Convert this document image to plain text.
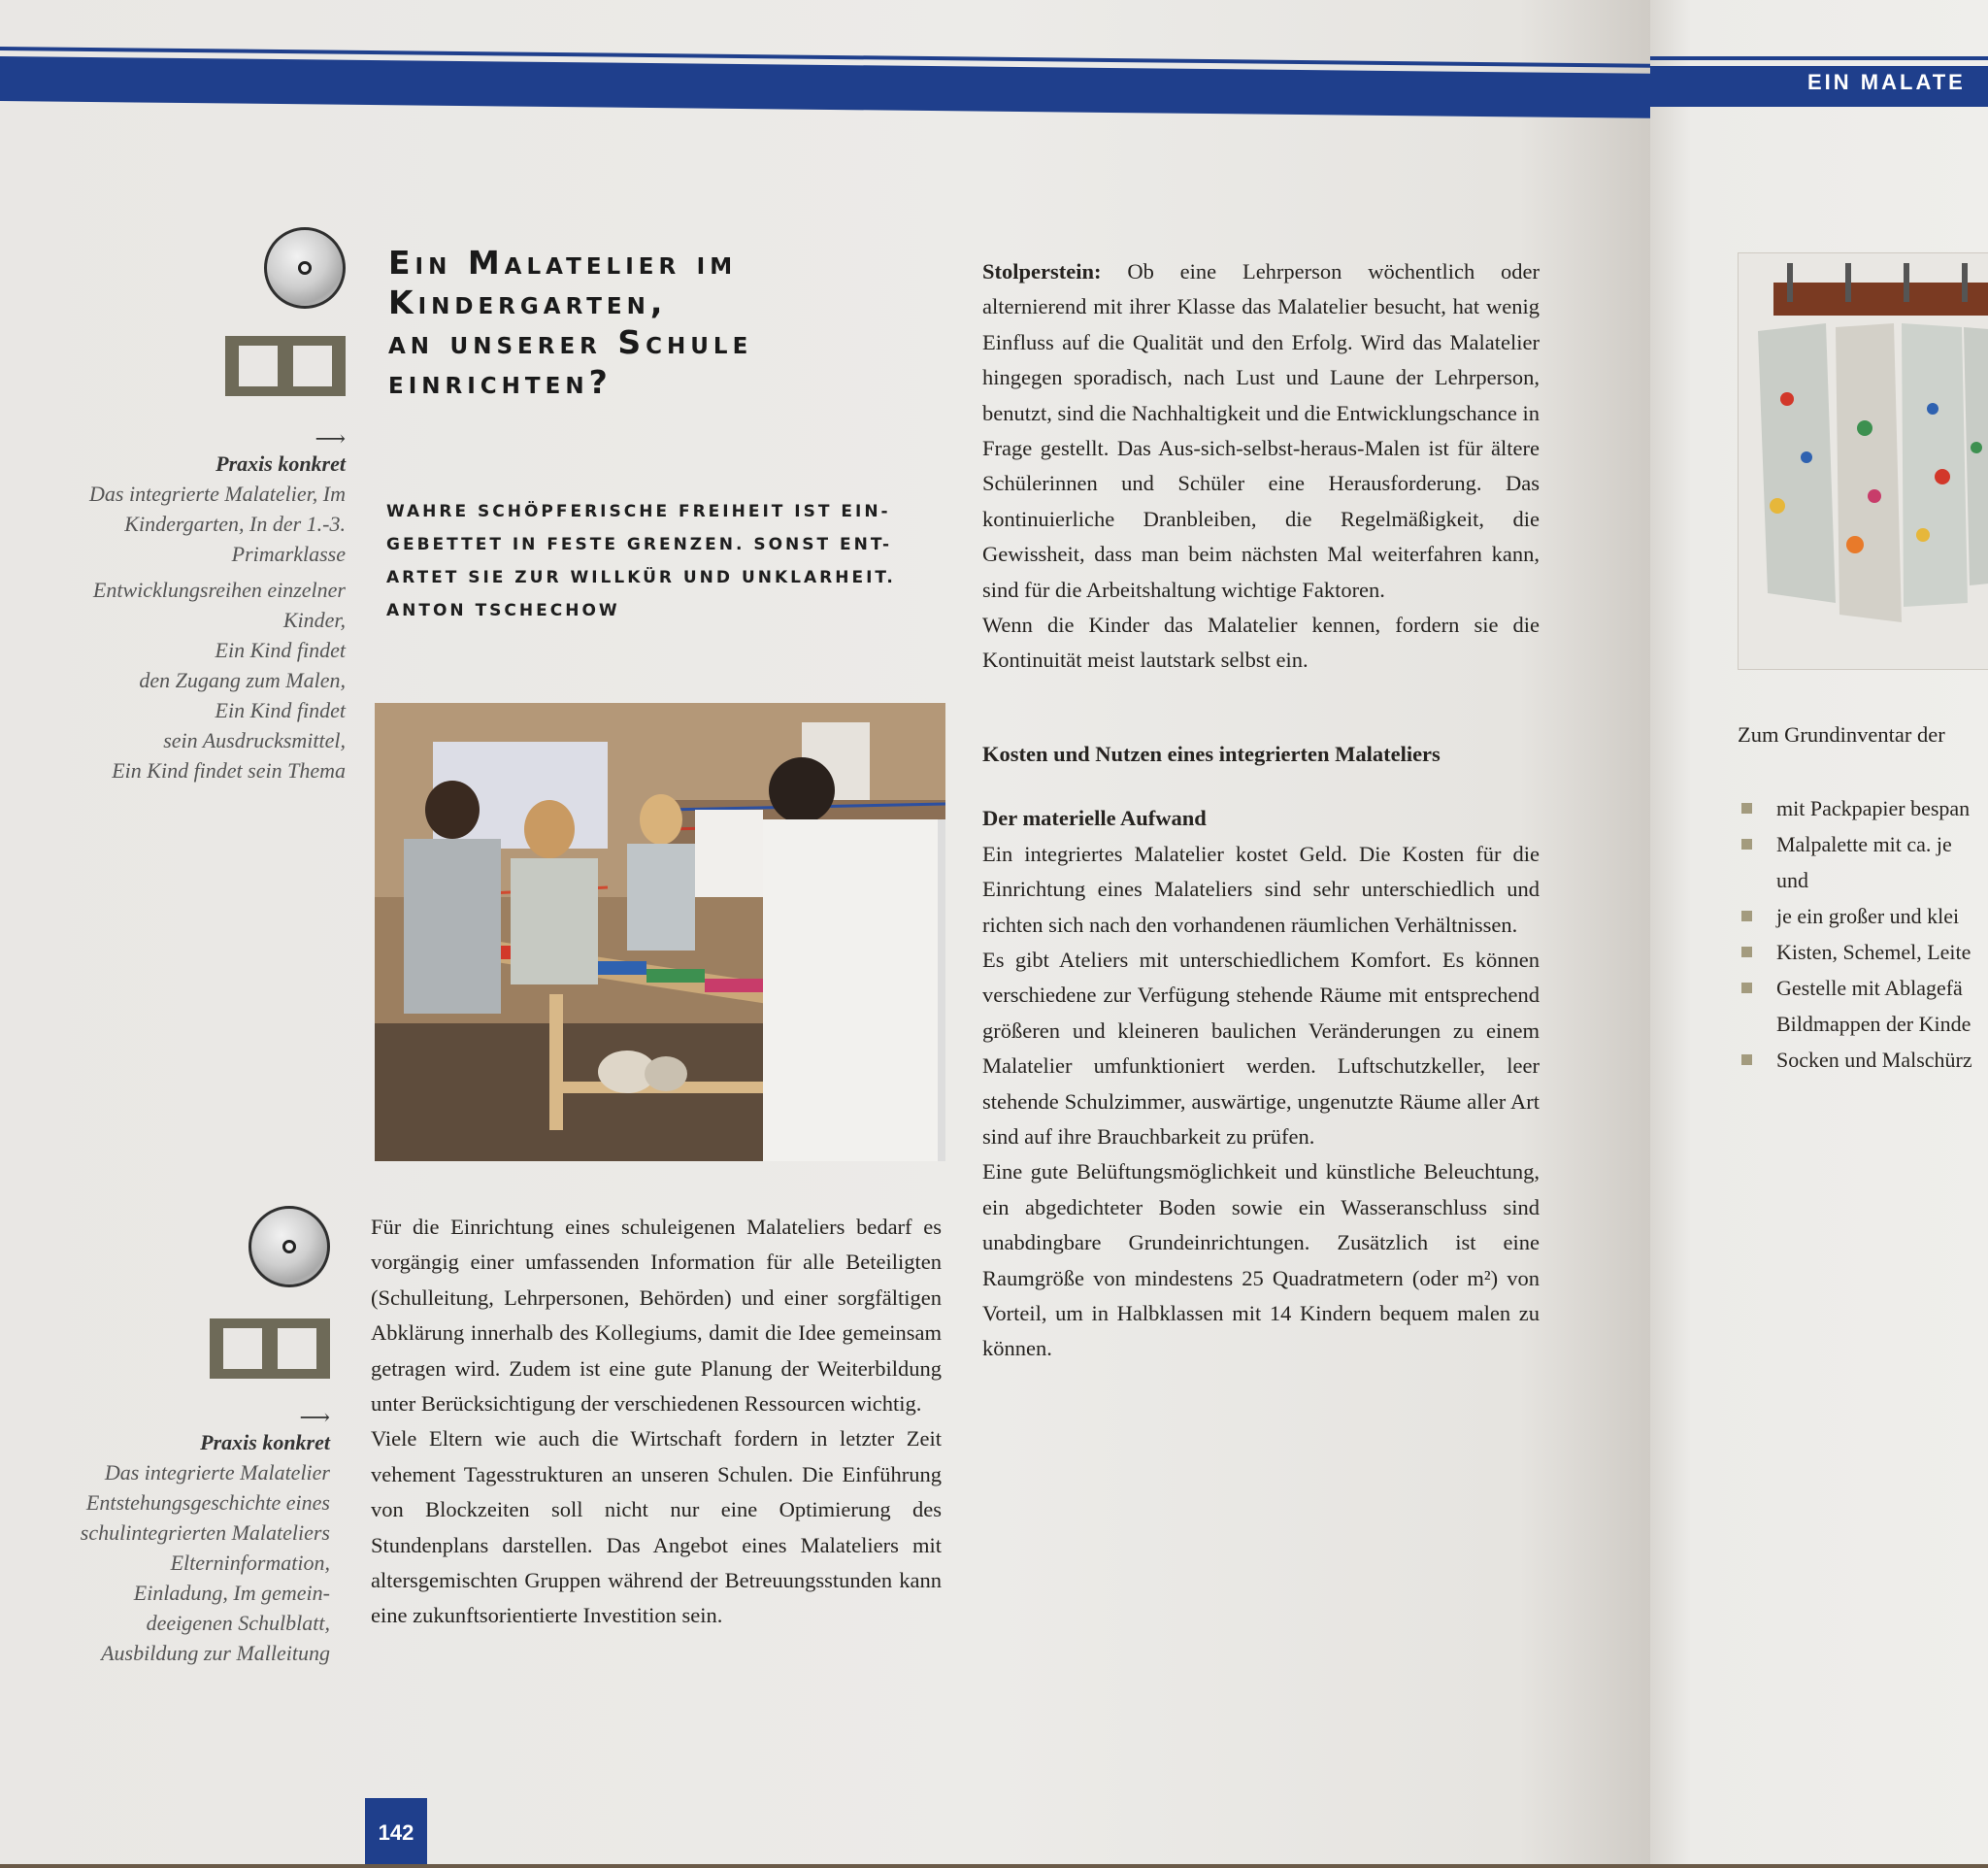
EIN MALATE
⟶
Praxis konkret
Das integrierte Malatelier, Im
Kindergarten, In der 1.-3.
Primarklasse
Entwicklungsreihen einzelner
Kinder,
Ein Kind findet
den Zugang zum Malen,
Ein Kind findet
sein Ausdrucksmittel,
Ein Kind findet sein Thema
Ein Malatelier im
Kindergarten,
an unserer Schule
einrichten?
WAHRE SCHÖPFERISCHE FREIHEIT IST EIN-
GEBETTET IN FESTE GRENZEN. SONST ENT-
ARTET SIE ZUR WILLKÜR UND UNKLARHEIT.
ANTON TSCHECHOW
⟶
Praxis konkret
Das integrierte Malatelier
Entstehungsgeschichte eines
schulintegrierten Malateliers
Elterninformation,
Einladung, Im gemein-
deeigenen Schulblatt,
Ausbildung zur Malleitung

Für die Einrichtung eines schuleigenen Malateliers bedarf es vorgängig einer umfassenden Information für alle Beteiligten (Schulleitung, Lehrpersonen, Behörden) und einer sorgfältigen Abklärung innerhalb des Kollegiums, damit die Idee gemeinsam getragen wird. Zudem ist eine gute Planung der Weiterbildung unter Berücksichtigung der verschiedenen Ressourcen wichtig.

Viele Eltern wie auch die Wirtschaft fordern in letzter Zeit vehement Tagesstrukturen an unseren Schulen. Die Einführung von Blockzeiten soll nicht nur eine Optimierung des Stundenplans darstellen. Das Angebot eines Malateliers mit altersgemischten Gruppen während der Betreuungsstunden kann eine zukunftsorientierte Investition sein.

Stolperstein: Ob eine Lehrperson wöchentlich oder alternierend mit ihrer Klasse das Malatelier besucht, hat wenig Einfluss auf die Qualität und den Erfolg. Wird das Malatelier hingegen sporadisch, nach Lust und Laune der Lehrperson, benutzt, sind die Nachhaltigkeit und die Entwicklungschance in Frage gestellt. Das Aus-sich-selbst-heraus-Malen ist für ältere Schülerinnen und Schüler eine Herausforderung. Das kontinuierliche Dranbleiben, die Regelmäßigkeit, die Gewissheit, dass man beim nächsten Mal weiterfahren kann, sind für die Arbeitshaltung wichtige Faktoren.

Wenn die Kinder das Malatelier kennen, fordern sie die Kontinuität meist lautstark selbst ein.

Kosten und Nutzen eines integrierten Malateliers

Der materielle Aufwand

Ein integriertes Malatelier kostet Geld. Die Kosten für die Einrichtung eines Malateliers sind sehr unterschiedlich und richten sich nach den vorhandenen räumlichen Verhältnissen.

Es gibt Ateliers mit unterschiedlichem Komfort. Es können verschiedene zur Verfügung stehende Räume mit entsprechend größeren und kleineren baulichen Veränderungen zu einem Malatelier umfunktioniert werden. Luftschutzkeller, leer stehende Schulzimmer, auswärtige, ungenutzte Räume aller Art sind auf ihre Brauchbarkeit zu prüfen.

Eine gute Belüftungsmöglichkeit und künstliche Beleuchtung, ein abgedichteter Boden sowie ein Wasseranschluss sind unabdingbare Grundeinrichtungen. Zusätzlich ist eine Raumgröße von mindestens 25 Quadratmetern (oder m²) von Vorteil, um in Halbklassen mit 14 Kindern bequem malen zu können.

142
Zum Grundinventar der
mit Packpapier bespan
Malpalette mit ca. je
und
je ein großer und klei
Kisten, Schemel, Leite
Gestelle mit Ablagefä
Bildmappen der Kinde
Socken und Malschürz
